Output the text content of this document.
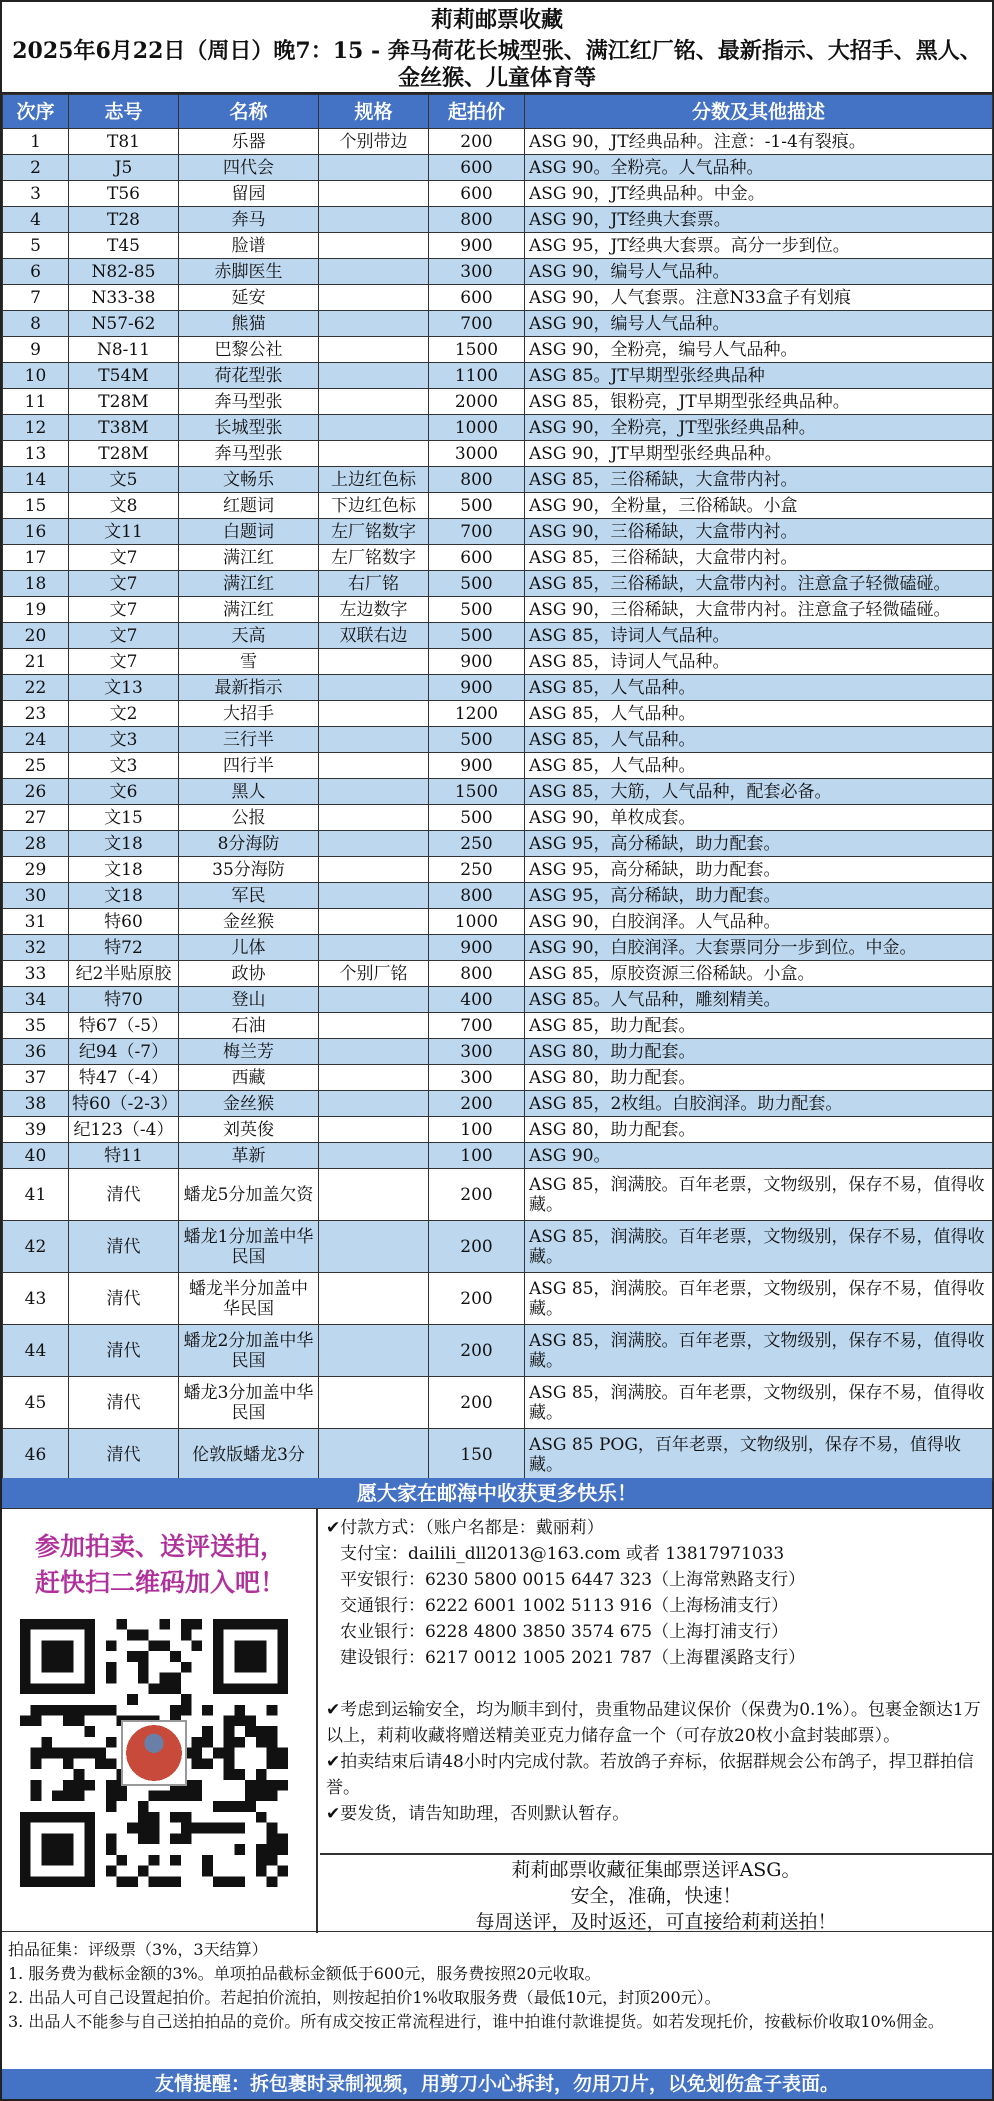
莉莉邮票收藏
2025年6月22日（周日）晚7：15 - 奔马荷花长城型张、满江红厂铭、最新指示、大招手、黑人、金丝猴、儿童体育等
次序	志号	名称	规格	起拍价	分数及其他描述
1	T81	乐器	个别带边	200	ASG 90，JT经典品种。注意：-1-4有裂痕。
2	J5	四代会		600	ASG 90。全粉亮。人气品种。
3	T56	留园		600	ASG 90，JT经典品种。中金。
4	T28	奔马		800	ASG 90，JT经典大套票。
5	T45	脸谱		900	ASG 95，JT经典大套票。高分一步到位。
6	N82-85	赤脚医生		300	ASG 90，编号人气品种。
7	N33-38	延安		600	ASG 90，人气套票。注意N33盒子有划痕
8	N57-62	熊猫		700	ASG 90，编号人气品种。
9	N8-11	巴黎公社		1500	ASG 90，全粉亮，编号人气品种。
10	T54M	荷花型张		1100	ASG 85。JT早期型张经典品种
11	T28M	奔马型张		2000	ASG 85，银粉亮，JT早期型张经典品种。
12	T38M	长城型张		1000	ASG 90，全粉亮，JT型张经典品种。
13	T28M	奔马型张		3000	ASG 90，JT早期型张经典品种。
14	文5	文畅乐	上边红色标	800	ASG 85，三俗稀缺，大盒带内衬。
15	文8	红题词	下边红色标	500	ASG 90，全粉量，三俗稀缺。小盒
16	文11	白题词	左厂铭数字	700	ASG 90，三俗稀缺，大盒带内衬。
17	文7	满江红	左厂铭数字	600	ASG 85，三俗稀缺，大盒带内衬。
18	文7	满江红	右厂铭	500	ASG 85，三俗稀缺，大盒带内衬。注意盒子轻微磕碰。
19	文7	满江红	左边数字	500	ASG 90，三俗稀缺，大盒带内衬。注意盒子轻微磕碰。
20	文7	天高	双联右边	500	ASG 85，诗词人气品种。
21	文7	雪		900	ASG 85，诗词人气品种。
22	文13	最新指示		900	ASG 85，人气品种。
23	文2	大招手		1200	ASG 85，人气品种。
24	文3	三行半		500	ASG 85，人气品种。
25	文3	四行半		900	ASG 85，人气品种。
26	文6	黑人		1500	ASG 85，大筋，人气品种，配套必备。
27	文15	公报		500	ASG 90，单枚成套。
28	文18	8分海防		250	ASG 95，高分稀缺，助力配套。
29	文18	35分海防		250	ASG 95，高分稀缺，助力配套。
30	文18	军民		800	ASG 95，高分稀缺，助力配套。
31	特60	金丝猴		1000	ASG 90，白胶润泽。人气品种。
32	特72	儿体		900	ASG 90，白胶润泽。大套票同分一步到位。中金。
33	纪2半贴原胶	政协	个别厂铭	800	ASG 85，原胶资源三俗稀缺。小盒。
34	特70	登山		400	ASG 85。人气品种，雕刻精美。
35	特67（-5）	石油		700	ASG 85，助力配套。
36	纪94（-7）	梅兰芳		300	ASG 80，助力配套。
37	特47（-4）	西藏		300	ASG 80，助力配套。
38	特60（-2-3）	金丝猴		200	ASG 85，2枚组。白胶润泽。助力配套。
39	纪123（-4）	刘英俊		100	ASG 80，助力配套。
40	特11	革新		100	ASG 90。
41	清代	蟠龙5分加盖欠资		200	ASG 85，润满胶。百年老票，文物级别，保存不易，值得收藏。
42	清代	蟠龙1分加盖中华民国		200	ASG 85，润满胶。百年老票，文物级别，保存不易，值得收藏。
43	清代	蟠龙半分加盖中华民国		200	ASG 85，润满胶。百年老票，文物级别，保存不易，值得收藏。
44	清代	蟠龙2分加盖中华民国		200	ASG 85，润满胶。百年老票，文物级别，保存不易，值得收藏。
45	清代	蟠龙3分加盖中华民国		200	ASG 85，润满胶。百年老票，文物级别，保存不易，值得收藏。
46	清代	伦敦版蟠龙3分		150	ASG 85 POG，百年老票，文物级别，保存不易，值得收藏。
愿大家在邮海中收获更多快乐！
参加拍卖、送评送拍，
赶快扫二维码加入吧！
✔付款方式：（账户名都是：戴丽莉）
支付宝：dailili_dll2013@163.com 或者 13817971033
平安银行：6230 5800 0015 6447 323（上海常熟路支行）
交通银行：6222 6001 1002 5113 916（上海杨浦支行）
农业银行：6228 4800 3850 3574 675（上海打浦支行）
建设银行：6217 0012 1005 2021 787（上海瞿溪路支行）
✔考虑到运输安全，均为顺丰到付，贵重物品建议保价（保费为0.1%）。包裹金额达1万以上，莉莉收藏将赠送精美亚克力储存盒一个（可存放20枚小盒封装邮票）。
✔拍卖结束后请48小时内完成付款。若放鸽子弃标，依据群规会公布鸽子，捍卫群拍信誉。
✔要发货，请告知助理，否则默认暂存。
莉莉邮票收藏征集邮票送评ASG。
安全，准确，快速！
每周送评，及时返还，可直接给莉莉送拍！
拍品征集：评级票（3%，3天结算）
1. 服务费为截标金额的3%。单项拍品截标金额低于600元，服务费按照20元收取。
2. 出品人可自己设置起拍价。若起拍价流拍，则按起拍价1%收取服务费（最低10元，封顶200元）。
3. 出品人不能参与自己送拍拍品的竞价。所有成交按正常流程进行，谁中拍谁付款谁提货。如若发现托价，按截标价收取10%佣金。
友情提醒：拆包裹时录制视频，用剪刀小心拆封，勿用刀片，以免划伤盒子表面。
